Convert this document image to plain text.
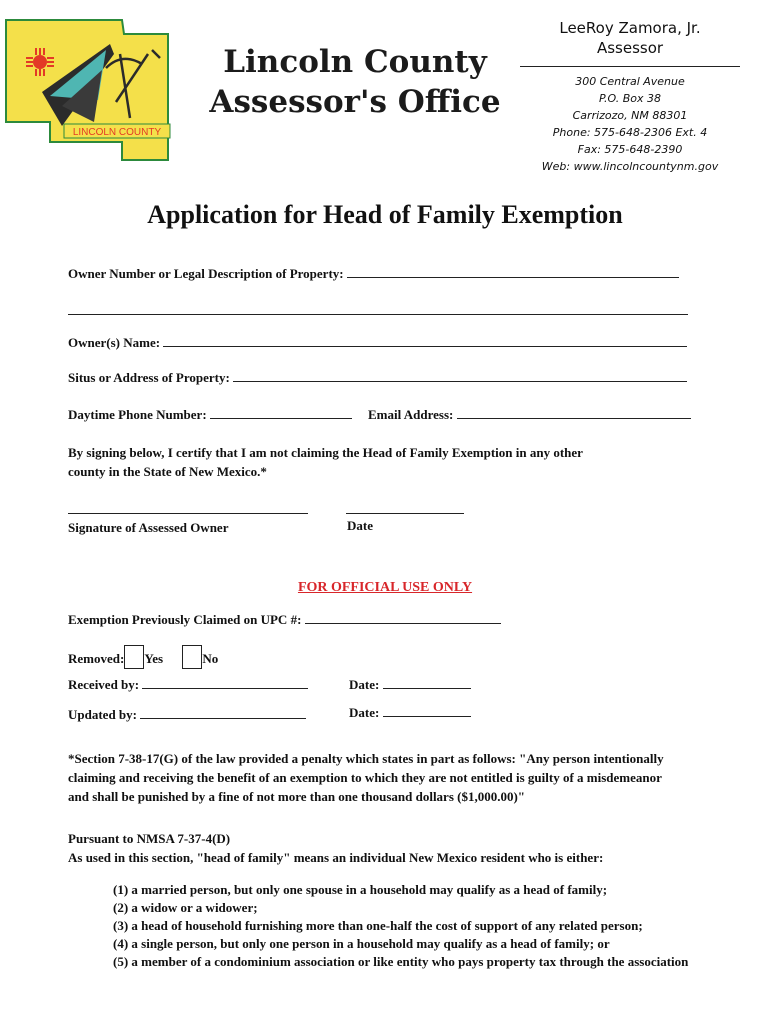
LINCOLN COUNTY
Lincoln County
Assessor's Office
LeeRoy Zamora, Jr.
Assessor
300 Central Avenue
P.O. Box 38
Carrizozo, NM 88301
Phone: 575-648-2306 Ext. 4
Fax: 575-648-2390
Web: www.lincolncountynm.gov
Application for Head of Family Exemption
Owner Number or Legal Description of Property:
Owner(s) Name:
Situs or Address of Property:
Daytime Phone Number:	Email Address:
By signing below, I certify that I am not claiming the Head of Family Exemption in any other
county in the State of New Mexico.*
Signature of Assessed Owner	Date
FOR OFFICIAL USE ONLY
Exemption Previously Claimed on UPC #:
Removed: Yes	No
Received by:	Date:
Updated by:	Date:
*Section 7-38-17(G) of the law provided a penalty which states in part as follows: "Any person intentionally
claiming and receiving the benefit of an exemption to which they are not entitled is guilty of a misdemeanor
and shall be punished by a fine of not more than one thousand dollars ($1,000.00)"
Pursuant to NMSA 7-37-4(D)
As used in this section, "head of family" means an individual New Mexico resident who is either:
(1) a married person, but only one spouse in a household may qualify as a head of family;
(2) a widow or a widower;
(3) a head of household furnishing more than one-half the cost of support of any related person;
(4) a single person, but only one person in a household may qualify as a head of family; or
(5) a member of a condominium association or like entity who pays property tax through the association
